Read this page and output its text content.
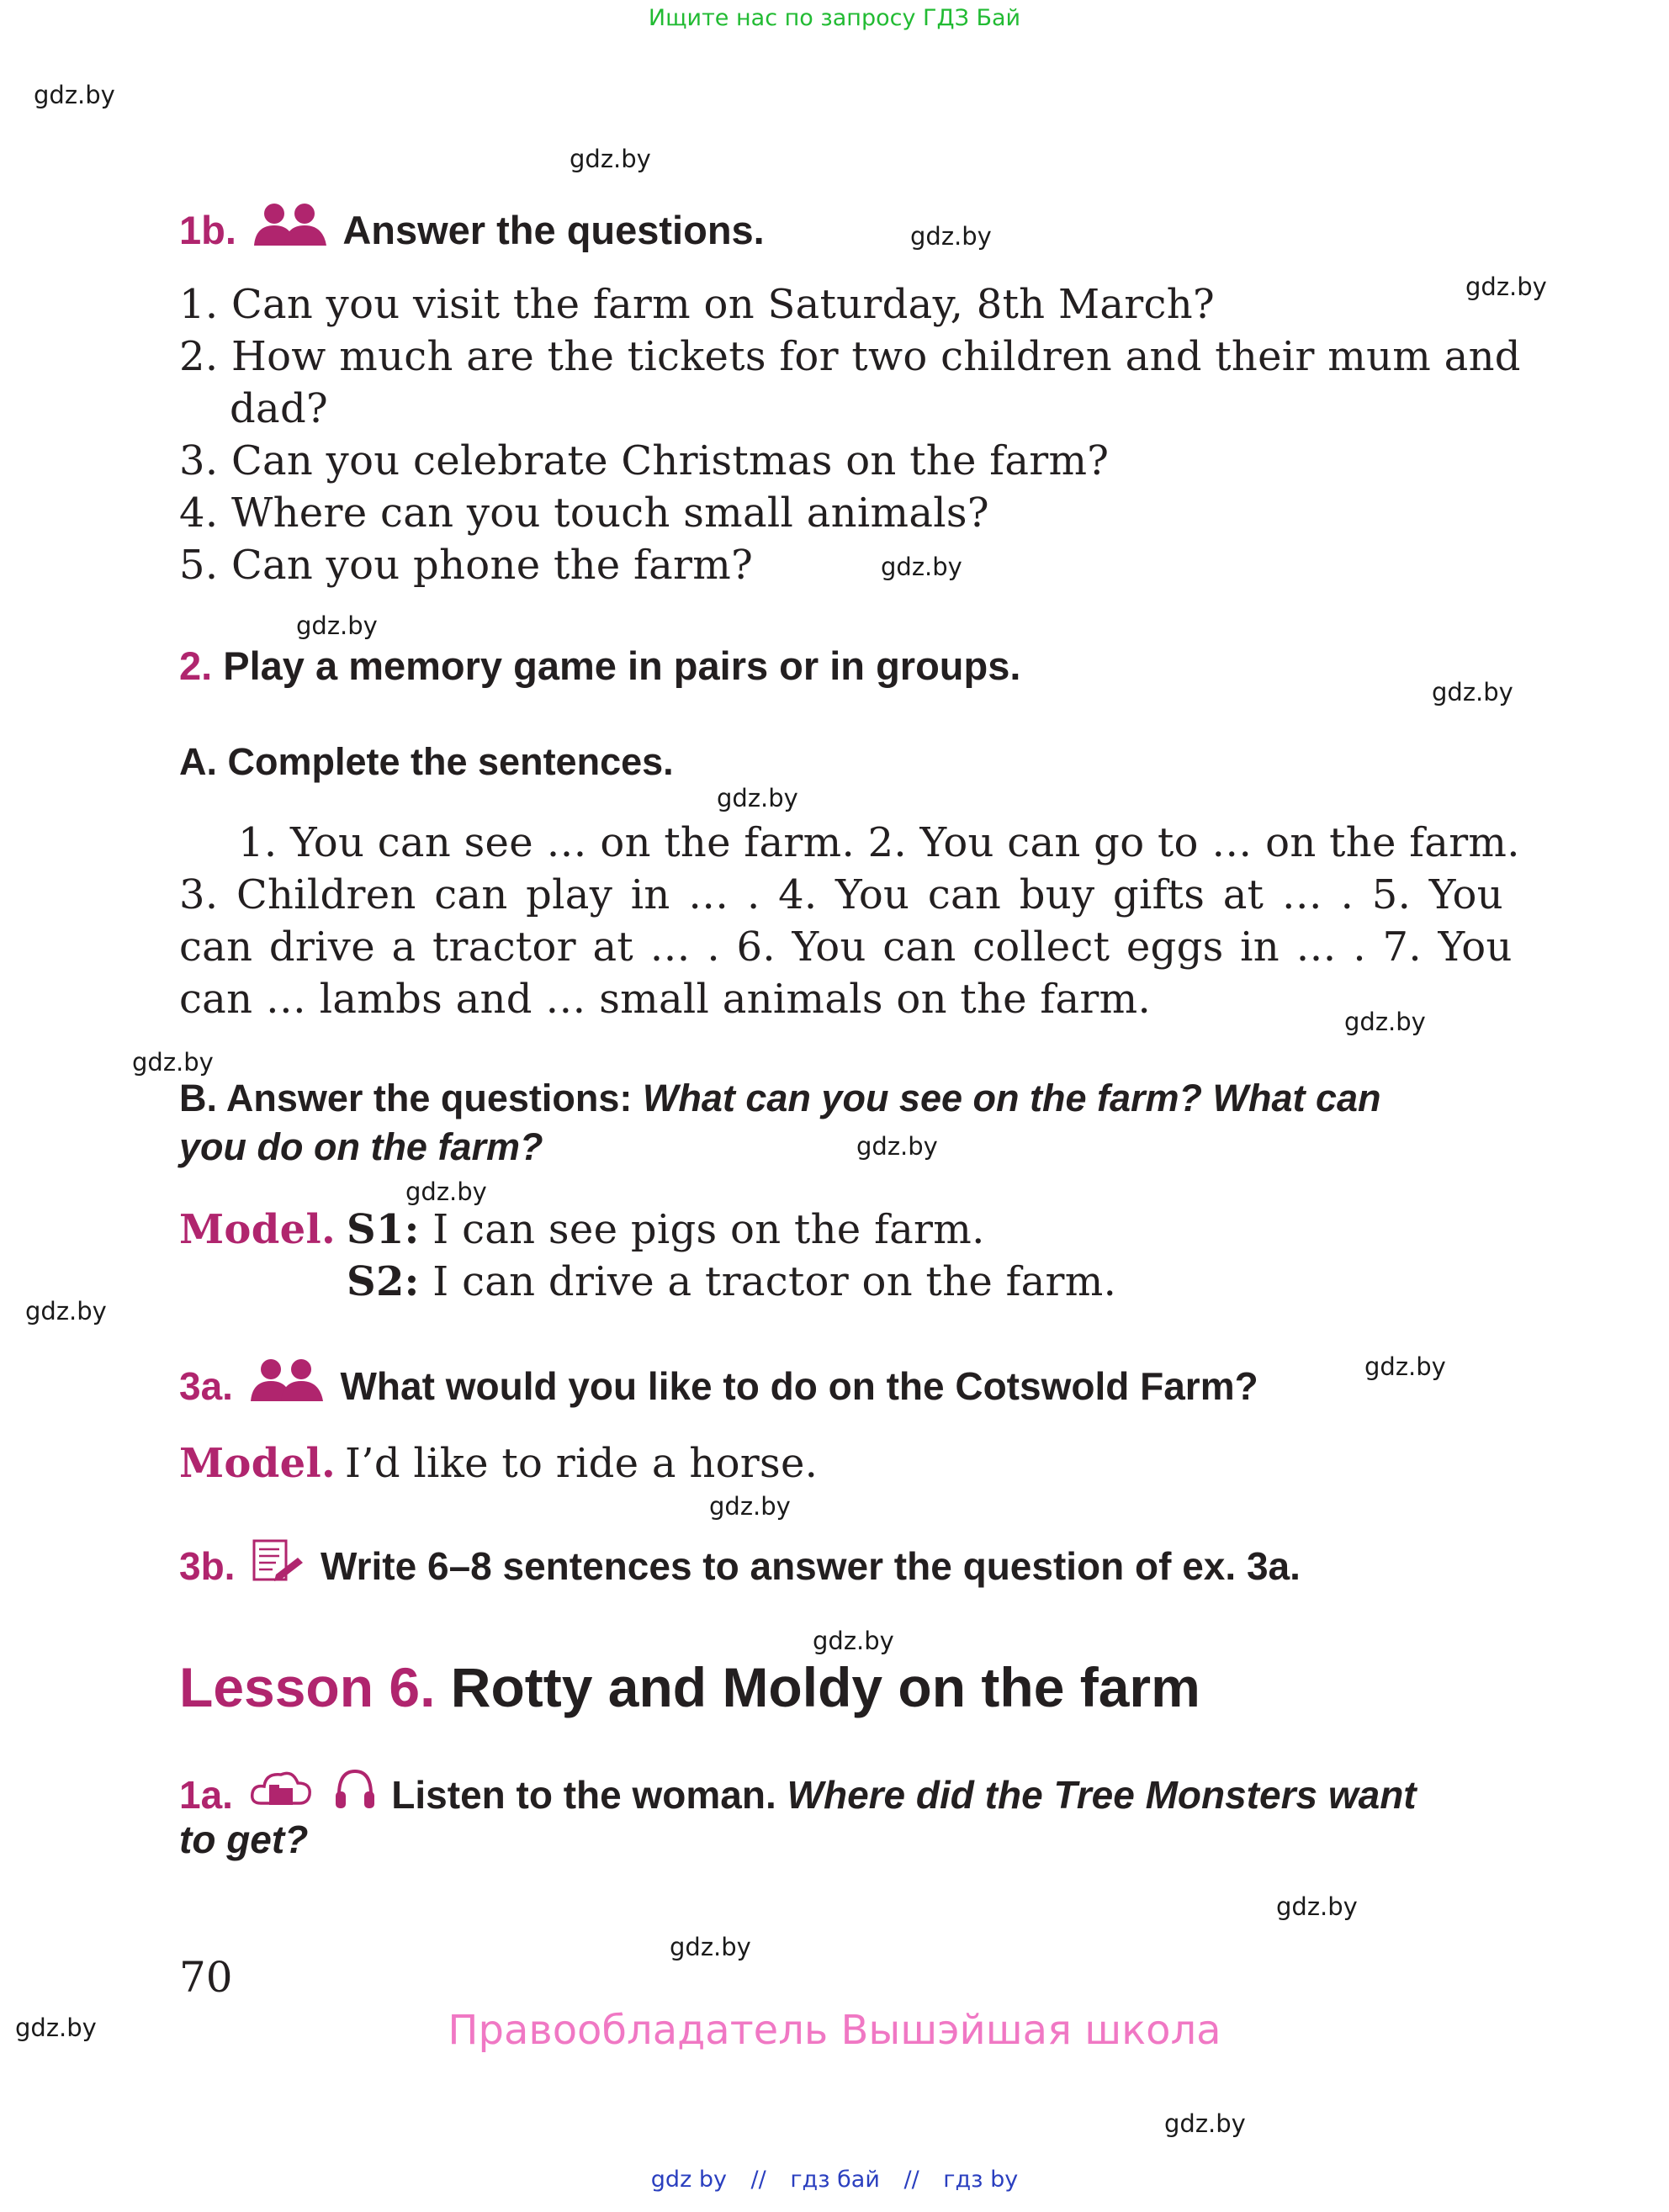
Ищите нас по запросу ГДЗ Бай
gdz.by
gdz.by
gdz.by
gdz.by
gdz.by
gdz.by
gdz.by
gdz.by
gdz.by
gdz.by
gdz.by
gdz.by
gdz.by
gdz.by
gdz.by
gdz.by
gdz.by
gdz.by
gdz.by
gdz.by
1b.	Answer the questions.
1. Can you visit the farm on Saturday, 8th March?
2. How much are the tickets for two children and their mum and
dad?
3. Can you celebrate Christmas on the farm?
4. Where can you touch small animals?
5. Can you phone the farm?
2. Play a memory game in pairs or in groups.
A. Complete the sentences.
1. You can see … on the farm. 2. You can go to … on the farm.
3. Children can play in … . 4. You can buy gifts at … . 5. You
can drive a tractor at … . 6. You can collect eggs in … . 7. You
can … lambs and … small animals on the farm.
B. Answer the questions: What can you see on the farm? What can
you do on the farm?
Model. S1: I can see pigs on the farm.
S2: I can drive a tractor on the farm.
3a.	What would you like to do on the Cotswold Farm?
Model. I’d like to ride a horse.
3b. Write 6–8 sentences to answer the question of ex. 3a.
Lesson 6. Rotty and Moldy on the farm
1a.	Listen to the woman. Where did the Tree Monsters want
to get?
70
Правообладатель Вышэйшая школа
gdz by // гдз бай // гдз by
